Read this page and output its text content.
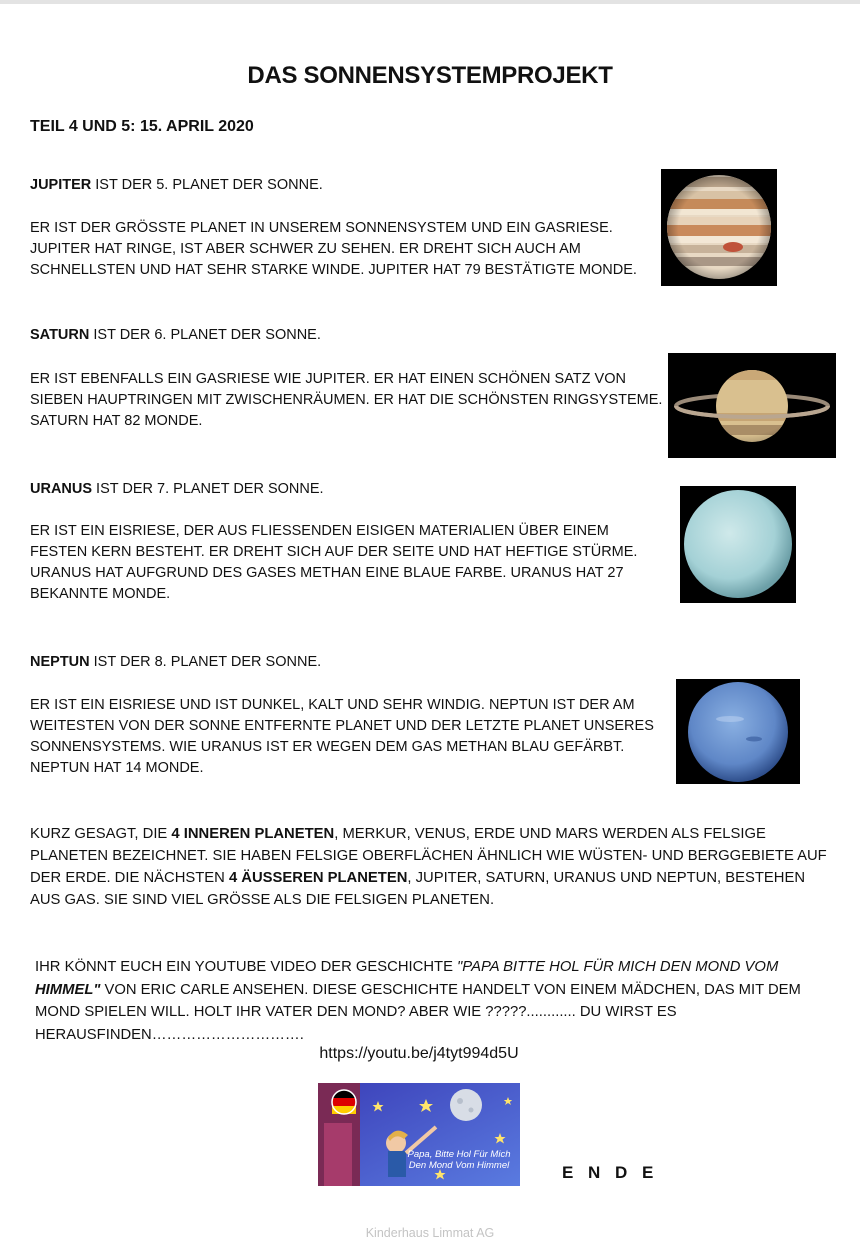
DAS SONNENSYSTEMPROJEKT
TEIL 4 UND 5: 15. APRIL 2020
JUPITER IST DER 5. PLANET DER SONNE.
ER IST DER GRÖSSTE PLANET IN UNSEREM SONNENSYSTEM UND EIN GASRIESE.
JUPITER HAT RINGE, IST ABER SCHWER ZU SEHEN. ER DREHT SICH AUCH AM
SCHNELLSTEN UND HAT SEHR STARKE WINDE. JUPITER HAT 79 BESTÄTIGTE MONDE.
SATURN IST DER 6. PLANET DER SONNE.
ER IST EBENFALLS EIN GASRIESE WIE JUPITER. ER HAT EINEN SCHÖNEN SATZ VON
SIEBEN HAUPTRINGEN MIT ZWISCHENRÄUMEN. ER HAT DIE SCHÖNSTEN RINGSYSTEME.
SATURN HAT 82 MONDE.
URANUS IST DER 7. PLANET DER SONNE.
ER IST EIN EISRIESE, DER AUS FLIESSENDEN EISIGEN MATERIALIEN ÜBER EINEM
FESTEN KERN BESTEHT. ER DREHT SICH AUF DER SEITE UND HAT HEFTIGE STÜRME.
URANUS HAT AUFGRUND DES GASES METHAN EINE BLAUE FARBE. URANUS HAT 27
BEKANNTE MONDE.
NEPTUN IST DER 8. PLANET DER SONNE.
ER IST EIN EISRIESE UND IST DUNKEL, KALT UND SEHR WINDIG. NEPTUN IST DER AM
WEITESTEN VON DER SONNE ENTFERNTE PLANET UND DER LETZTE PLANET UNSERES
SONNENSYSTEMS. WIE URANUS IST ER WEGEN DEM GAS METHAN BLAU GEFÄRBT.
NEPTUN HAT 14 MONDE.
KURZ GESAGT, DIE 4 INNEREN PLANETEN, MERKUR, VENUS, ERDE UND MARS WERDEN ALS FELSIGE
PLANETEN BEZEICHNET. SIE HABEN FELSIGE OBERFLÄCHEN ÄHNLICH WIE WÜSTEN- UND BERGGEBIETE AUF
DER ERDE. DIE NÄCHSTEN 4 ÄUSSEREN PLANETEN, JUPITER, SATURN, URANUS UND NEPTUN, BESTEHEN
AUS GAS. SIE SIND VIEL GRÖSSE ALS DIE FELSIGEN PLANETEN.
IHR KÖNNT EUCH EIN YOUTUBE VIDEO DER GESCHICHTE "PAPA BITTE HOL FÜR MICH DEN MOND VOM
HIMMEL" VON ERIC CARLE ANSEHEN. DIESE GESCHICHTE HANDELT VON EINEM MÄDCHEN, DAS MIT DEM
MOND SPIELEN WILL. HOLT IHR VATER DEN MOND? ABER WIE ?????............ DU WIRST ES
HERAUSFINDEN………………………….
https://youtu.be/j4tyt994d5U
Papa, Bitte Hol Für Mich Den Mond Vom Himmel	E N D E
Kinderhaus Limmat AG
